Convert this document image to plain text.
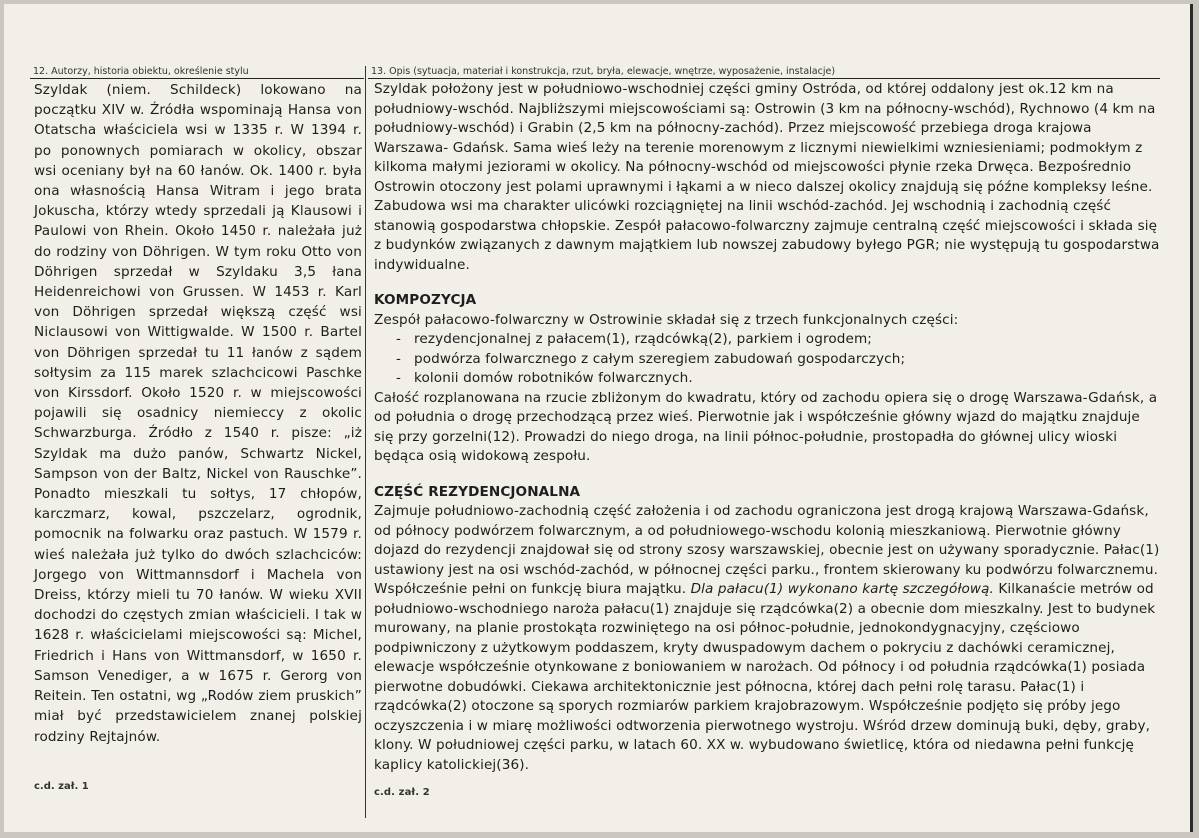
12. Autorzy, historia obiektu, określenie stylu

Szyldak (niem. Schildeck) lokowano na początku XIV w. Źródła wspominają Hansa von Otatscha właściciela wsi w 1335 r. W 1394 r. po ponownych pomiarach w okolicy, obszar wsi oceniany był na 60 łanów. Ok. 1400 r. była ona własnością Hansa Witram i jego brata Jokuscha, którzy wtedy sprzedali ją Klausowi i Paulowi von Rhein. Około 1450 r. należała już do rodziny von Döhrigen. W tym roku Otto von Döhrigen sprzedał w Szyldaku 3,5 łana Heidenreichowi von Grussen. W 1453 r. Karl von Döhrigen sprzedał większą część wsi Niclausowi von Wittigwalde. W 1500 r. Bartel von Döhrigen sprzedał tu 11 łanów z sądem sołtysim za 115 marek szlachcicowi Paschke von Kirssdorf. Około 1520 r. w miejscowości pojawili się osadnicy niemieccy z okolic Schwarzburga. Źródło z 1540 r. pisze: „iż Szyldak ma dużo panów, Schwartz Nickel, Sampson von der Baltz, Nickel von Rauschke”. Ponadto mieszkali tu sołtys, 17 chłopów, karczmarz, kowal, pszczelarz, ogrodnik, pomocnik na folwarku oraz pastuch. W 1579 r. wieś należała już tylko do dwóch szlachciców: Jorgego von Wittmannsdorf i Machela von Dreiss, którzy mieli tu 70 łanów. W wieku XVII dochodzi do częstych zmian właścicieli. I tak w 1628 r. właścicielami miejscowości są: Michel, Friedrich i Hans von Wittmansdorf, w 1650 r. Samson Venediger, a w 1675 r. Gerorg von Reitein. Ten ostatni, wg „Rodów ziem pruskich” miał być przedstawicielem znanej polskiej rodziny Rejtajnów.

c.d. zał. 1
13. Opis (sytuacja, materiał i konstrukcja, rzut, bryła, elewacje, wnętrze, wyposażenie, instalacje)

Szyldak położony jest w południowo-wschodniej części gminy Ostróda, od której oddalony jest ok.12 km na południowy-wschód. Najbliższymi miejscowościami są: Ostrowin (3 km na północny-wschód), Rychnowo (4 km na południowy-wschód) i Grabin (2,5 km na północny-zachód). Przez miejscowość przebiega droga krajowa Warszawa- Gdańsk. Sama wieś leży na terenie morenowym z licznymi niewielkimi wzniesieniami; podmokłym z kilkoma małymi jeziorami w okolicy. Na północny-wschód od miejscowości płynie rzeka Drwęca. Bezpośrednio Ostrowin otoczony jest polami uprawnymi i łąkami a w nieco dalszej okolicy znajdują się późne kompleksy leśne. Zabudowa wsi ma charakter ulicówki rozciągniętej na linii wschód-zachód. Jej wschodnią i zachodnią część stanowią gospodarstwa chłopskie. Zespół pałacowo-folwarczny zajmuje centralną część miejscowości i składa się z budynków związanych z dawnym majątkiem lub nowszej zabudowy byłego PGR; nie występują tu gospodarstwa indywidualne.

KOMPOZYCJA

Zespół pałacowo-folwarczny w Ostrowinie składał się z trzech funkcjonalnych części:

- rezydencjonalnej z pałacem(1), rządcówką(2), parkiem i ogrodem;
- podwórza folwarcznego z całym szeregiem zabudowań gospodarczych;
- kolonii domów robotników folwarcznych.

Całość rozplanowana na rzucie zbliżonym do kwadratu, który od zachodu opiera się o drogę Warszawa-Gdańsk, a od południa o drogę przechodzącą przez wieś. Pierwotnie jak i współcześnie główny wjazd do majątku znajduje się przy gorzelni(12). Prowadzi do niego droga, na linii północ-południe, prostopadła do głównej ulicy wioski będąca osią widokową zespołu.

CZĘŚĆ REZYDENCJONALNA

Zajmuje południowo-zachodnią część założenia i od zachodu ograniczona jest drogą krajową Warszawa-Gdańsk, od północy podwórzem folwarcznym, a od południowego-wschodu kolonią mieszkaniową. Pierwotnie główny dojazd do rezydencji znajdował się od strony szosy warszawskiej, obecnie jest on używany sporadycznie. Pałac(1) ustawiony jest na osi wschód-zachód, w północnej części parku., frontem skierowany ku podwórzu folwarcznemu. Współcześnie pełni on funkcję biura majątku. Dla pałacu(1) wykonano kartę szczegółową. Kilkanaście metrów od południowo-wschodniego naroża pałacu(1) znajduje się rządcówka(2) a obecnie dom mieszkalny. Jest to budynek murowany, na planie prostokąta rozwiniętego na osi północ-południe, jednokondygnacyjny, częściowo podpiwniczony z użytkowym poddaszem, kryty dwuspadowym dachem o pokryciu z dachówki ceramicznej, elewacje współcześnie otynkowane z boniowaniem w narożach. Od północy i od południa rządcówka(1) posiada pierwotne dobudówki. Ciekawa architektonicznie jest północna, której dach pełni rolę tarasu. Pałac(1) i rządcówka(2) otoczone są sporych rozmiarów parkiem krajobrazowym. Współcześnie podjęto się próby jego oczyszczenia i w miarę możliwości odtworzenia pierwotnego wystroju. Wśród drzew dominują buki, dęby, graby, klony. W południowej części parku, w latach 60. XX w. wybudowano świetlicę, która od niedawna pełni funkcję kaplicy katolickiej(36).

c.d. zał. 2
